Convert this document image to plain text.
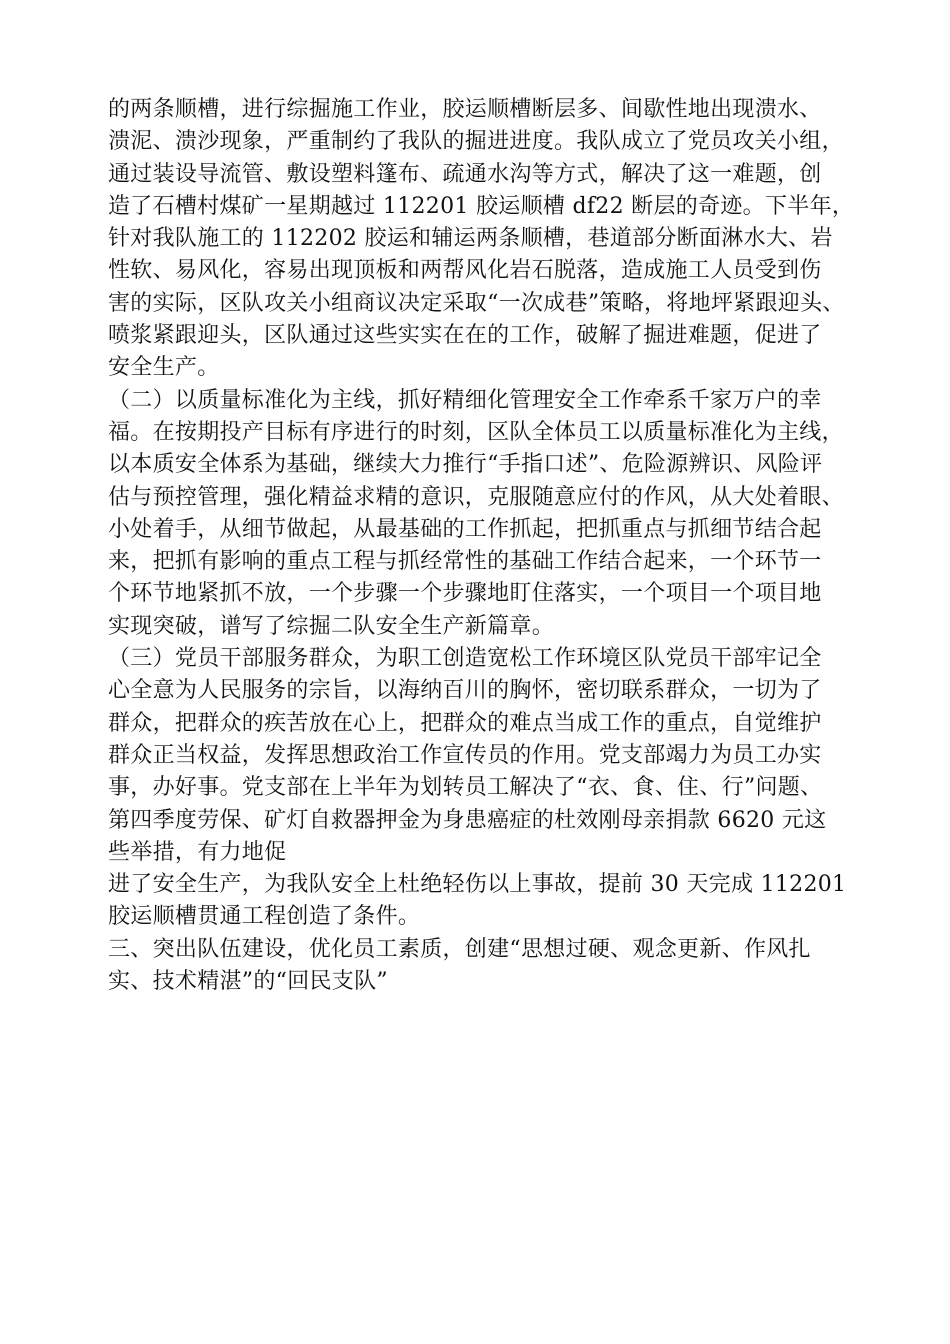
的两条顺槽，进行综掘施工作业，胶运顺槽断层多、间歇性地出现溃水、
溃泥、溃沙现象，严重制约了我队的掘进进度。我队成立了党员攻关小组，
通过装设导流管、敷设塑料篷布、疏通水沟等方式，解决了这一难题，创
造了石槽村煤矿一星期越过 112201 胶运顺槽 df22 断层的奇迹。下半年，
针对我队施工的 112202 胶运和辅运两条顺槽，巷道部分断面淋水大、岩
性软、易风化，容易出现顶板和两帮风化岩石脱落，造成施工人员受到伤
害的实际，区队攻关小组商议决定采取“一次成巷”策略，将地坪紧跟迎头、
喷浆紧跟迎头，区队通过这些实实在在的工作，破解了掘进难题，促进了
安全生产。
（二）以质量标准化为主线，抓好精细化管理安全工作牵系千家万户的幸
福。在按期投产目标有序进行的时刻，区队全体员工以质量标准化为主线，
以本质安全体系为基础，继续大力推行“手指口述”、危险源辨识、风险评
估与预控管理，强化精益求精的意识，克服随意应付的作风，从大处着眼、
小处着手，从细节做起，从最基础的工作抓起，把抓重点与抓细节结合起
来，把抓有影响的重点工程与抓经常性的基础工作结合起来，一个环节一
个环节地紧抓不放，一个步骤一个步骤地盯住落实，一个项目一个项目地
实现突破，谱写了综掘二队安全生产新篇章。
（三）党员干部服务群众，为职工创造宽松工作环境区队党员干部牢记全
心全意为人民服务的宗旨，以海纳百川的胸怀，密切联系群众，一切为了
群众，把群众的疾苦放在心上，把群众的难点当成工作的重点，自觉维护
群众正当权益，发挥思想政治工作宣传员的作用。党支部竭力为员工办实
事，办好事。党支部在上半年为划转员工解决了“衣、食、住、行”问题、
第四季度劳保、矿灯自救器押金为身患癌症的杜效刚母亲捐款 6620 元这
些举措，有力地促
进了安全生产，为我队安全上杜绝轻伤以上事故，提前 30 天完成 112201
胶运顺槽贯通工程创造了条件。
三、突出队伍建设，优化员工素质，创建“思想过硬、观念更新、作风扎
实、技术精湛”的“回民支队”
